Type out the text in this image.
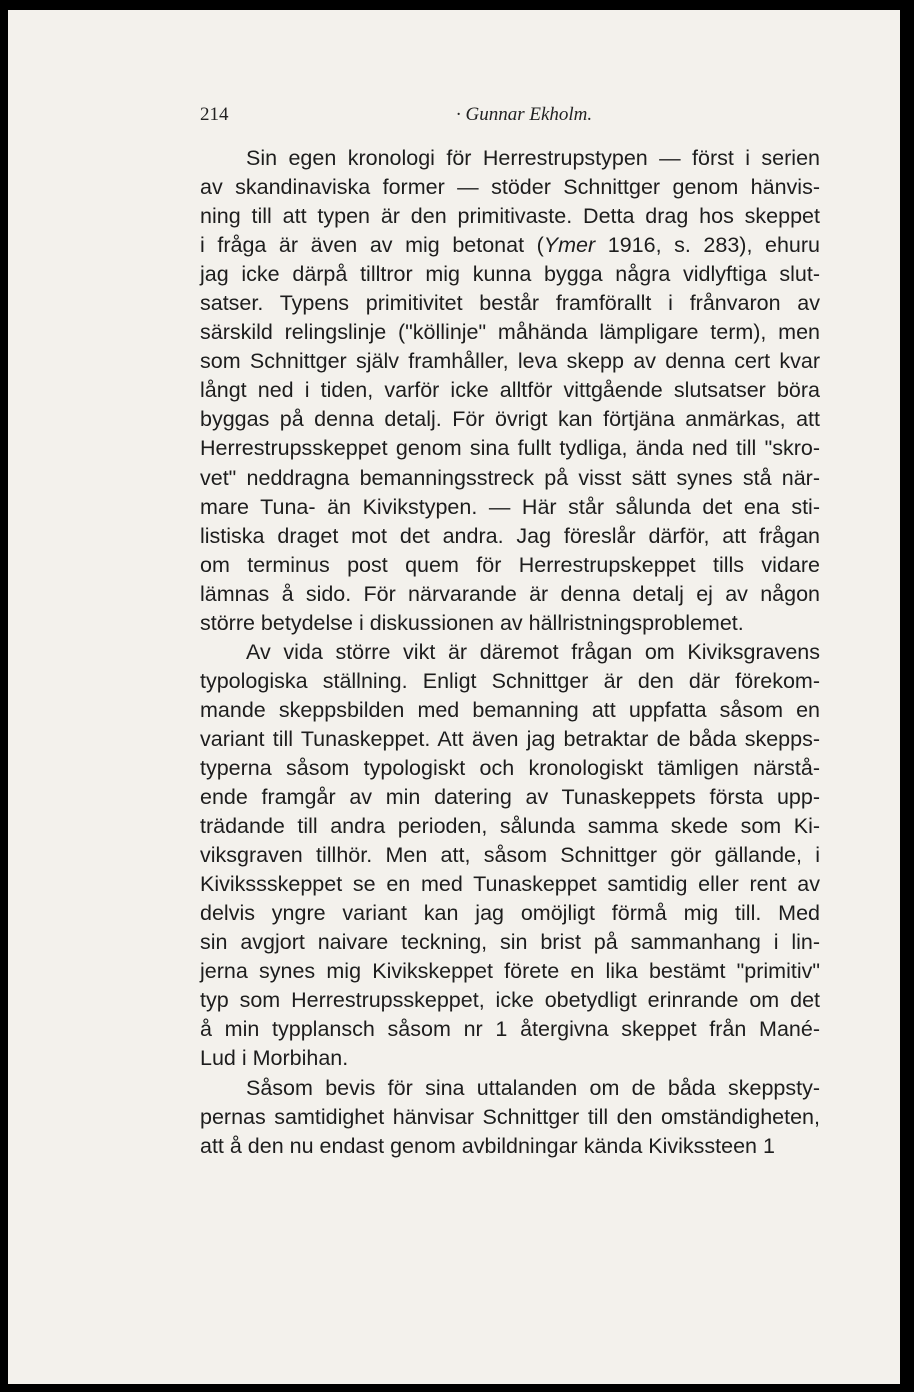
214	· Gunnar Ekholm.
Sin egen kronologi för Herrestrupstypen — först i serien
av skandinaviska former — stöder Schnittger genom hänvis-
ning till att typen är den primitivaste. Detta drag hos skeppet
i fråga är även av mig betonat (Ymer 1916, s. 283), ehuru
jag icke därpå tilltror mig kunna bygga några vidlyftiga slut-
satser. Typens primitivitet består framförallt i frånvaron av
särskild relingslinje ("köllinje" måhända lämpligare term), men
som Schnittger själv framhåller, leva skepp av denna cert kvar
långt ned i tiden, varför icke alltför vittgående slutsatser böra
byggas på denna detalj. För övrigt kan förtjäna anmärkas, att
Herrestrupsskeppet genom sina fullt tydliga, ända ned till "skro-
vet" neddragna bemanningsstreck på visst sätt synes stå när-
mare Tuna- än Kivikstypen. — Här står sålunda det ena sti-
listiska draget mot det andra. Jag föreslår därför, att frågan
om terminus post quem för Herrestrupskeppet tills vidare
lämnas å sido. För närvarande är denna detalj ej av någon
större betydelse i diskussionen av hällristningsproblemet.
Av vida större vikt är däremot frågan om Kiviksgravens
typologiska ställning. Enligt Schnittger är den där förekom-
mande skeppsbilden med bemanning att uppfatta såsom en
variant till Tunaskeppet. Att även jag betraktar de båda skepps-
typerna såsom typologiskt och kronologiskt tämligen närstå-
ende framgår av min datering av Tunaskeppets första upp-
trädande till andra perioden, sålunda samma skede som Ki-
viksgraven tillhör. Men att, såsom Schnittger gör gällande, i
Kivikssskeppet se en med Tunaskeppet samtidig eller rent av
delvis yngre variant kan jag omöjligt förmå mig till. Med
sin avgjort naivare teckning, sin brist på sammanhang i lin-
jerna synes mig Kivikskeppet förete en lika bestämt "primitiv"
typ som Herrestrupsskeppet, icke obetydligt erinrande om det
å min typplansch såsom nr 1 återgivna skeppet från Mané-
Lud i Morbihan.
Såsom bevis för sina uttalanden om de båda skeppsty-
pernas samtidighet hänvisar Schnittger till den omständigheten,
att å den nu endast genom avbildningar kända Kivikssteen 1
